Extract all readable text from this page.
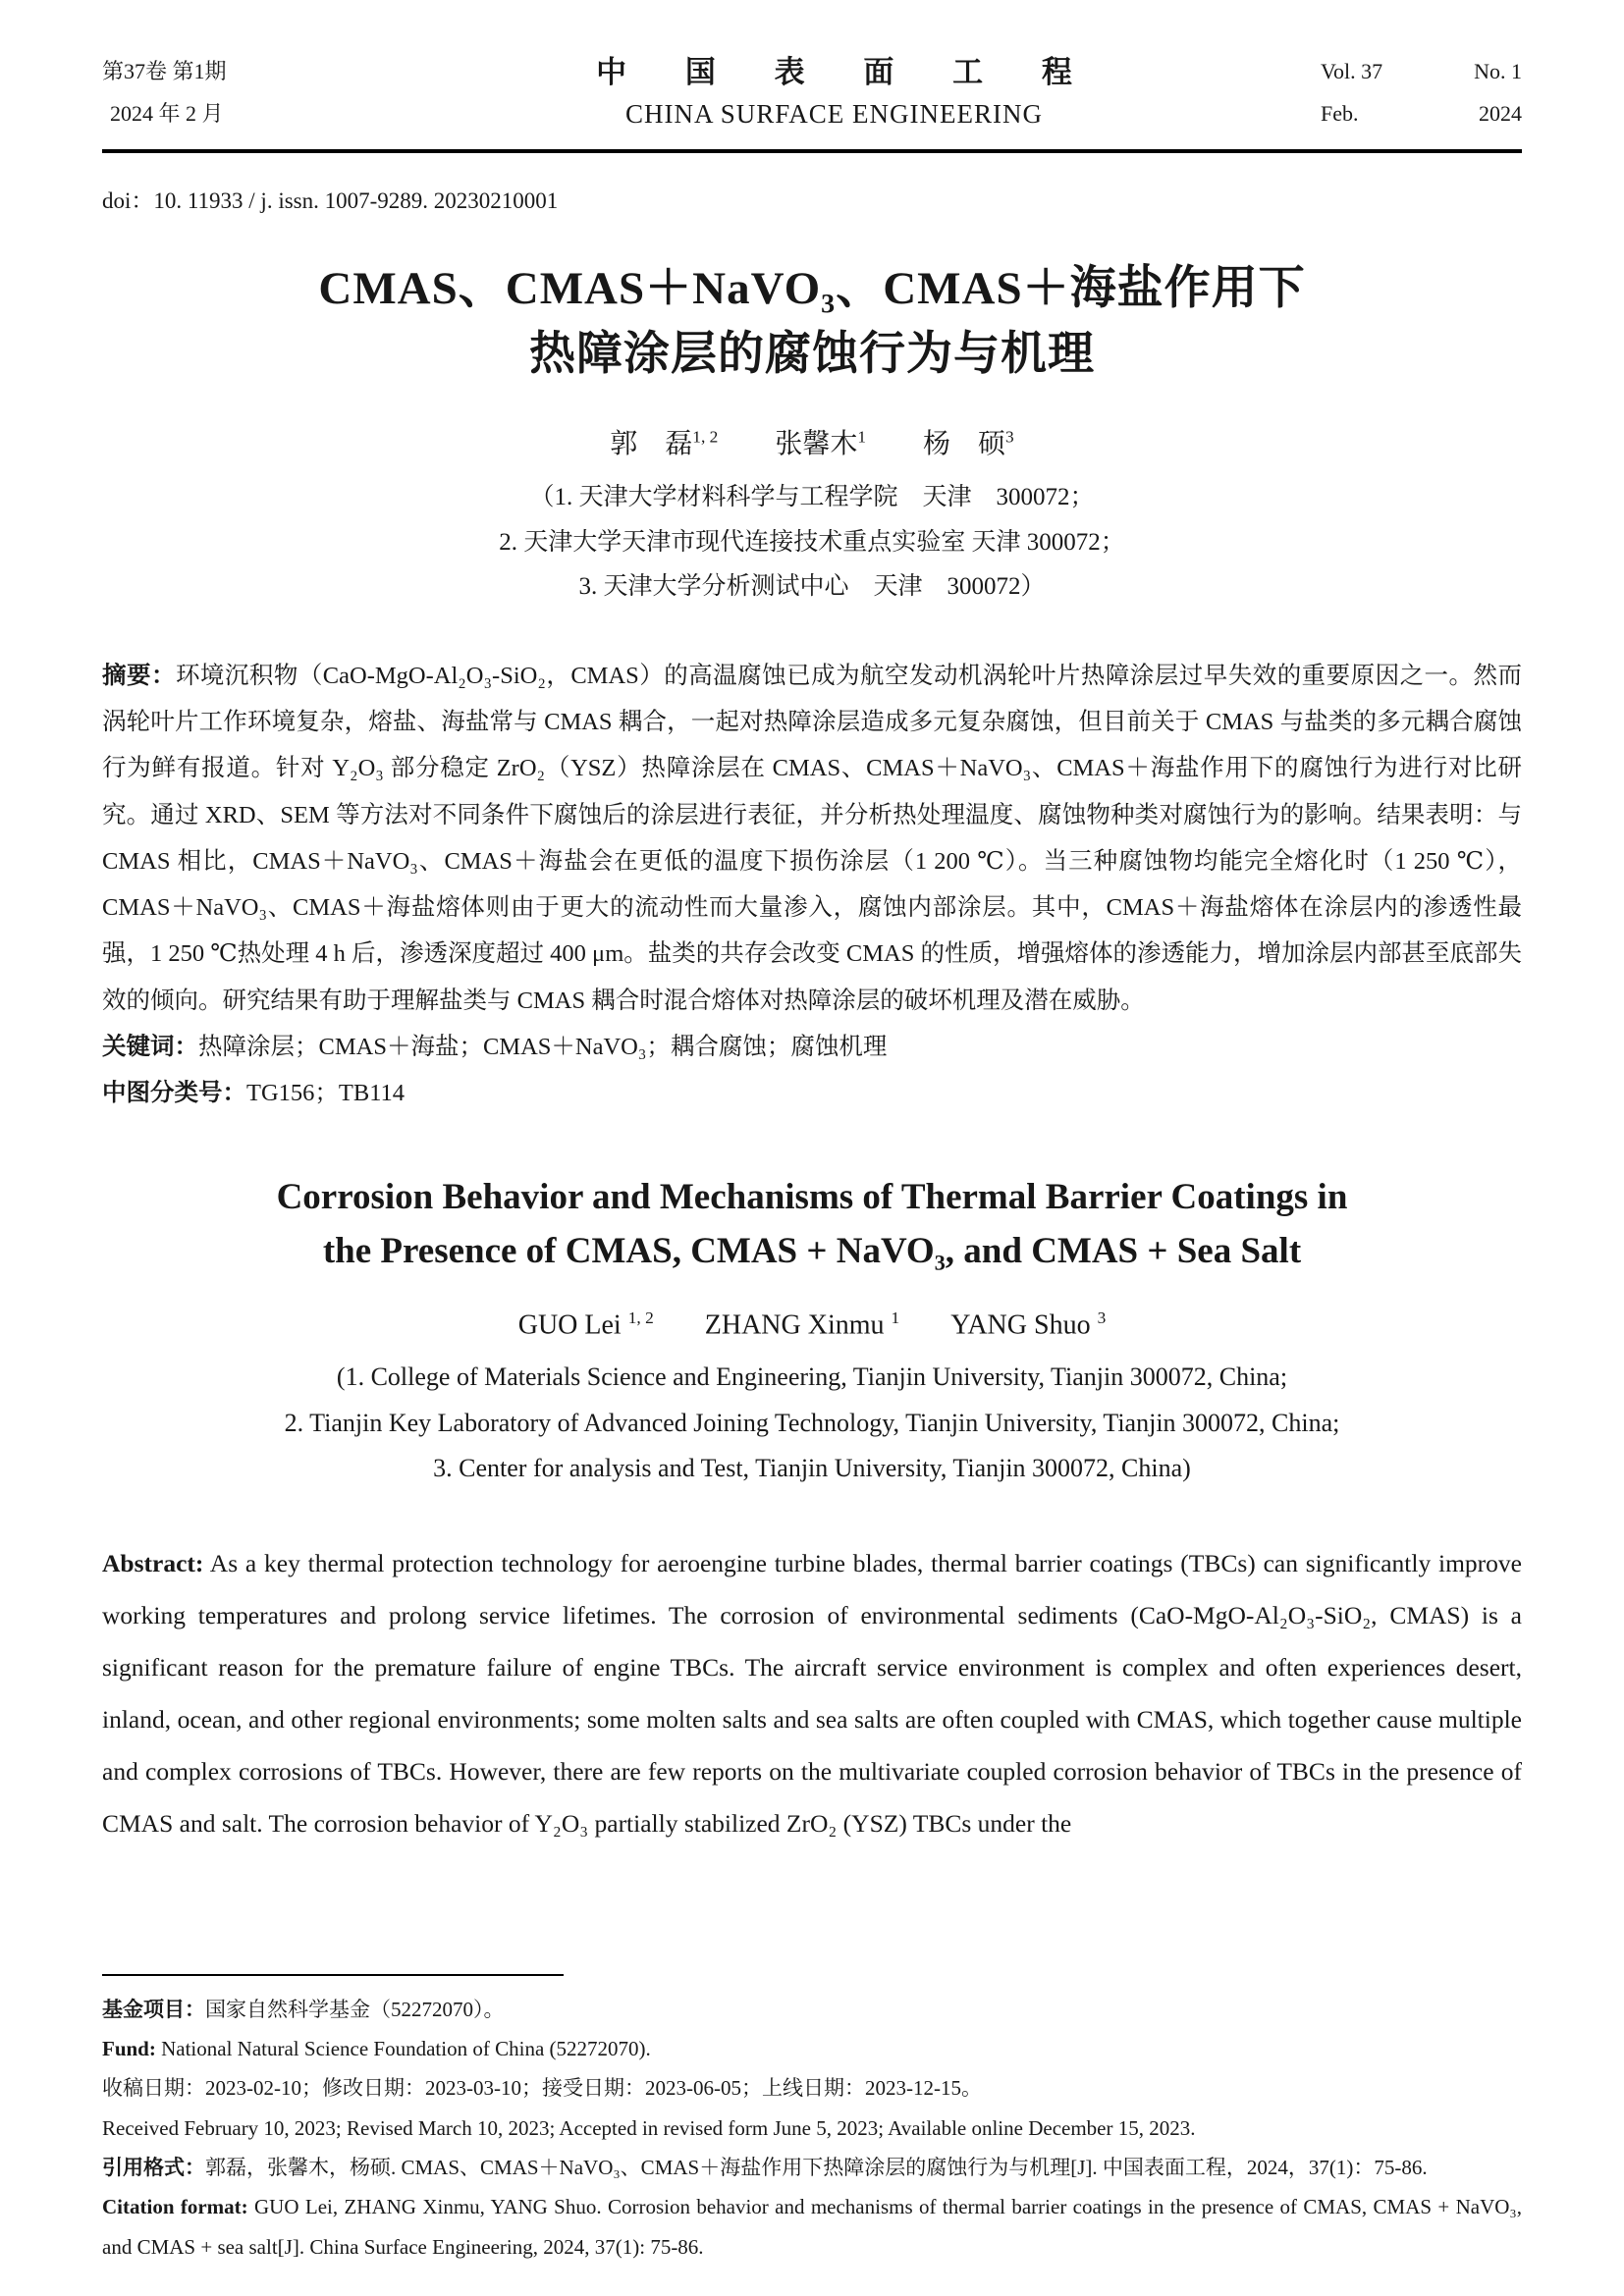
第37卷 第1期
2024 年 2 月
中 国 表 面 工 程
CHINA SURFACE ENGINEERING
Vol. 37	No. 1
Feb.	2024
doi：10. 11933 / j. issn. 1007-9289. 20230210001
CMAS、CMAS＋NaVO₃、CMAS＋海盐作用下
热障涂层的腐蚀行为与机理
郭　磊$^{1, 2}$ 张馨木$^1$ 杨　硕$^3$
（1. 天津大学材料科学与工程学院　天津　300072；
2. 天津大学天津市现代连接技术重点实验室 天津 300072；
3. 天津大学分析测试中心　天津　300072）

摘要：环境沉积物（CaO-MgO-Al₂O₃-SiO₂，CMAS）的高温腐蚀已成为航空发动机涡轮叶片热障涂层过早失效的重要原因之一。然而涡轮叶片工作环境复杂，熔盐、海盐常与 CMAS 耦合，一起对热障涂层造成多元复杂腐蚀，但目前关于 CMAS 与盐类的多元耦合腐蚀行为鲜有报道。针对 Y₂O₃ 部分稳定 ZrO₂（YSZ）热障涂层在 CMAS、CMAS＋NaVO₃、CMAS＋海盐作用下的腐蚀行为进行对比研究。通过 XRD、SEM 等方法对不同条件下腐蚀后的涂层进行表征，并分析热处理温度、腐蚀物种类对腐蚀行为的影响。结果表明：与 CMAS 相比，CMAS＋NaVO₃、CMAS＋海盐会在更低的温度下损伤涂层（1 200 ℃）。当三种腐蚀物均能完全熔化时（1 250 ℃），CMAS＋NaVO₃、CMAS＋海盐熔体则由于更大的流动性而大量渗入，腐蚀内部涂层。其中，CMAS＋海盐熔体在涂层内的渗透性最强，1 250 ℃热处理 4 h 后，渗透深度超过 400 μm。盐类的共存会改变 CMAS 的性质，增强熔体的渗透能力，增加涂层内部甚至底部失效的倾向。研究结果有助于理解盐类与 CMAS 耦合时混合熔体对热障涂层的破坏机理及潜在威胁。

关键词：热障涂层；CMAS＋海盐；CMAS＋NaVO₃；耦合腐蚀；腐蚀机理

中图分类号：TG156；TB114

Corrosion Behavior and Mechanisms of Thermal Barrier Coatings in
the Presence of CMAS, CMAS + NaVO₃, and CMAS + Sea Salt
GUO Lei $^{1, 2}$ ZHANG Xinmu $^1$ YANG Shuo $^3$
(1. College of Materials Science and Engineering, Tianjin University, Tianjin 300072, China;
2. Tianjin Key Laboratory of Advanced Joining Technology, Tianjin University, Tianjin 300072, China;
3. Center for analysis and Test, Tianjin University, Tianjin 300072, China)

Abstract: As a key thermal protection technology for aeroengine turbine blades, thermal barrier coatings (TBCs) can significantly improve working temperatures and prolong service lifetimes. The corrosion of environmental sediments (CaO-MgO-Al₂O₃-SiO₂, CMAS) is a significant reason for the premature failure of engine TBCs. The aircraft service environment is complex and often experiences desert, inland, ocean, and other regional environments; some molten salts and sea salts are often coupled with CMAS, which together cause multiple and complex corrosions of TBCs. However, there are few reports on the multivariate coupled corrosion behavior of TBCs in the presence of CMAS and salt. The corrosion behavior of Y₂O₃ partially stabilized ZrO₂ (YSZ) TBCs under the

基金项目：国家自然科学基金（52272070）。
Fund: National Natural Science Foundation of China (52272070).
收稿日期：2023-02-10；修改日期：2023-03-10；接受日期：2023-06-05；上线日期：2023-12-15。
Received February 10, 2023; Revised March 10, 2023; Accepted in revised form June 5, 2023; Available online December 15, 2023.
引用格式：郭磊，张馨木，杨硕. CMAS、CMAS＋NaVO₃、CMAS＋海盐作用下热障涂层的腐蚀行为与机理[J]. 中国表面工程，2024，37(1)：75-86.
Citation format: GUO Lei, ZHANG Xinmu, YANG Shuo. Corrosion behavior and mechanisms of thermal barrier coatings in the presence of CMAS, CMAS + NaVO₃, and CMAS + sea salt[J]. China Surface Engineering, 2024, 37(1): 75-86.
